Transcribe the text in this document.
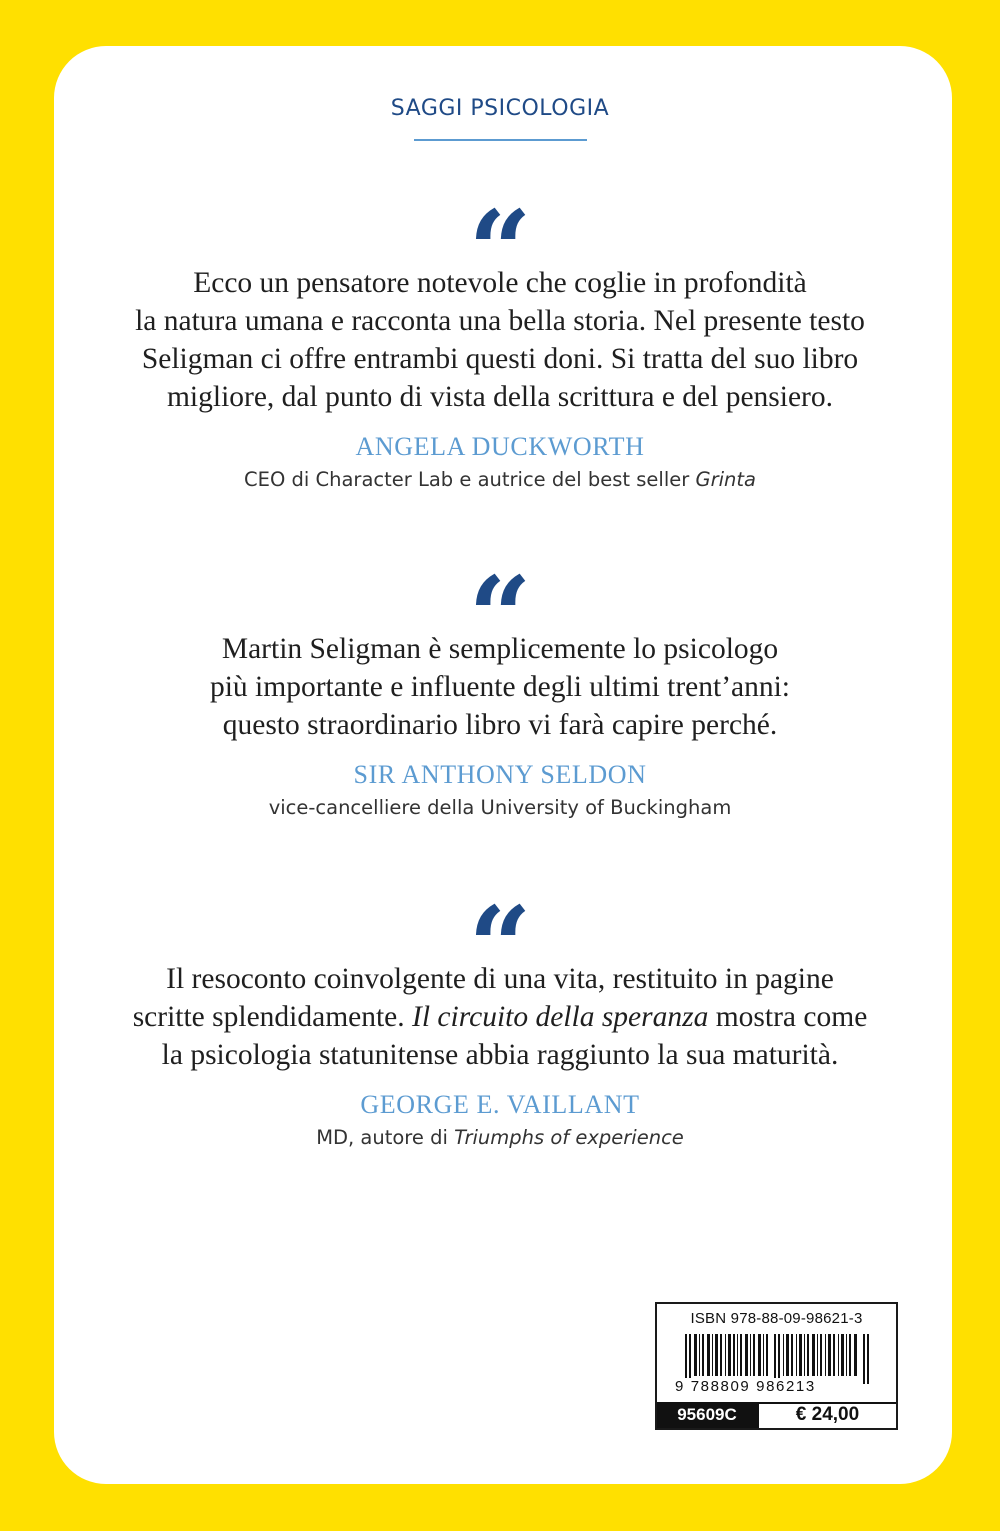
SAGGI PSICOLOGIA
“
Ecco un pensatore notevole che coglie in profondità
la natura umana e racconta una bella storia. Nel presente testo
Seligman ci offre entrambi questi doni. Si tratta del suo libro
migliore, dal punto di vista della scrittura e del pensiero.
ANGELA DUCKWORTH
CEO di Character Lab e autrice del best seller Grinta
“
Martin Seligman è semplicemente lo psicologo
più importante e influente degli ultimi trent’anni:
questo straordinario libro vi farà capire perché.
SIR ANTHONY SELDON
vice-cancelliere della University of Buckingham
“
Il resoconto coinvolgente di una vita, restituito in pagine
scritte splendidamente. Il circuito della speranza mostra come
la psicologia statunitense abbia raggiunto la sua maturità.
GEORGE E. VAILLANT
MD, autore di Triumphs of experience
ISBN 978-88-09-98621-3
9 788809 986213
95609C	€ 24,00
